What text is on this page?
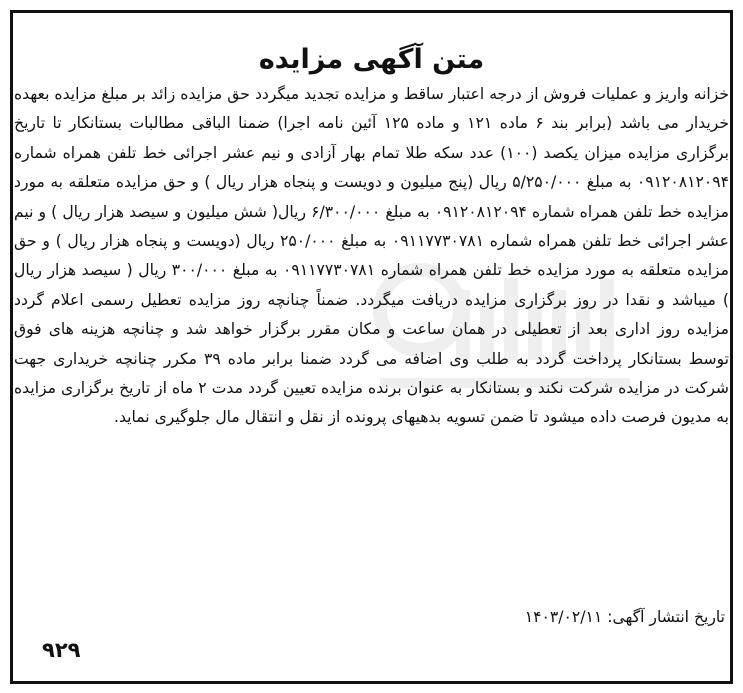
متن آگهی مزایده

خزانه واریز و عملیات فروش از درجه اعتبار ساقط و مزایده تجدید میگردد حق مزایده زائد بر مبلغ مزایده بعهده خریدار می باشد (برابر بند ۶ ماده ۱۲۱ و ماده ۱۲۵ آئین نامه اجرا) ضمنا الباقی مطالبات بستانکار تا تاریخ برگزاری مزایده میزان یکصد (۱۰۰) عدد سکه طلا تمام بهار آزادی و نیم عشر اجرائی خط تلفن همراه شماره ۰۹۱۲۰۸۱۲۰۹۴ به مبلغ ۵/۲۵۰/۰۰۰ ریال (پنج میلیون و دویست و پنجاه هزار ریال ) و حق مزایده متعلقه به مورد مزایده خط تلفن همراه شماره ۰۹۱۲۰۸۱۲۰۹۴ به مبلغ ۶/۳۰۰/۰۰۰ ریال( شش میلیون و سیصد هزار ریال ) و نیم عشر اجرائی خط تلفن همراه شماره ۰۹۱۱۷۷۳۰۷۸۱ به مبلغ ۲۵۰/۰۰۰ ریال (دویست و پنجاه هزار ریال ) و حق مزایده متعلقه به مورد مزایده خط تلفن همراه شماره ۰۹۱۱۷۷۳۰۷۸۱ به مبلغ ۳۰۰/۰۰۰ ریال ( سیصد هزار ریال ) میباشد و نقدا در روز برگزاری مزایده دریافت میگردد. ضمناً چنانچه روز مزایده تعطیل رسمی اعلام گردد مزایده روز اداری بعد از تعطیلی در همان ساعت و مکان مقرر برگزار خواهد شد و چنانچه هزینه های فوق توسط بستانکار پرداخت گردد به طلب وی اضافه می گردد ضمنا برابر ماده ۳۹ مکرر چنانچه خریداری جهت شرکت در مزایده شرکت نکند و بستانکار به عنوان برنده مزایده تعیین گردد مدت ۲ ماه از تاریخ برگزاری مزایده به مدیون فرصت داده میشود تا ضمن تسویه بدهیهای پرونده از نقل و انتقال مال جلوگیری نماید.

تاریخ انتشار آگهی: ۱۴۰۳/۰۲/۱۱

۹۲۹
